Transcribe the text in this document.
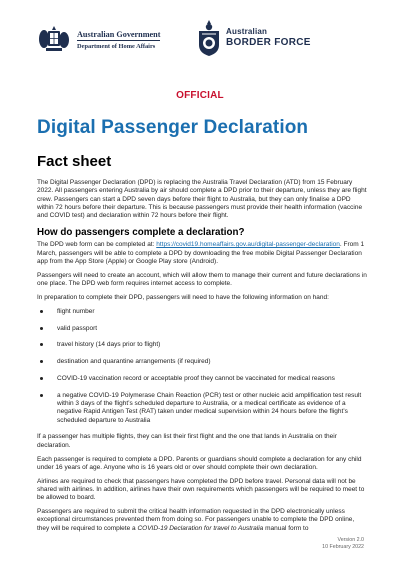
Australian Government
Department of Home Affairs
Australian
BORDER FORCE
OFFICIAL
Digital Passenger Declaration
Fact sheet

The Digital Passenger Declaration (DPD) is replacing the Australia Travel Declaration (ATD) from 15 February 2022. All passengers entering Australia by air should complete a DPD prior to their departure, unless they are flight crew. Passengers can start a DPD seven days before their flight to Australia, but they can only finalise a DPD within 72 hours before their departure. This is because passengers must provide their health information (vaccine and COVID test) and declaration within 72 hours before their flight.

How do passengers complete a declaration?

The DPD web form can be completed at: https://covid19.homeaffairs.gov.au/digital-passenger-declaration. From 1 March, passengers will be able to complete a DPD by downloading the free mobile Digital Passenger Declaration app from the App Store (Apple) or Google Play store (Android).

Passengers will need to create an account, which will allow them to manage their current and future declarations in one place. The DPD web form requires internet access to complete.

In preparation to complete their DPD, passengers will need to have the following information on hand:

flight number
valid passport
travel history (14 days prior to flight)
destination and quarantine arrangements (if required)
COVID-19 vaccination record or acceptable proof they cannot be vaccinated for medical reasons
a negative COVID-19 Polymerase Chain Reaction (PCR) test or other nucleic acid amplification test result within 3 days of the flight’s scheduled departure to Australia, or a medical certificate as evidence of a negative Rapid Antigen Test (RAT) taken under medical supervision within 24 hours before the flight’s scheduled departure to Australia

If a passenger has multiple flights, they can list their first flight and the one that lands in Australia on their declaration.

Each passenger is required to complete a DPD. Parents or guardians should complete a declaration for any child under 16 years of age. Anyone who is 16 years old or over should complete their own declaration.

Airlines are required to check that passengers have completed the DPD before travel. Personal data will not be shared with airlines. In addition, airlines have their own requirements which passengers will be required to meet to be allowed to board.

Passengers are required to submit the critical health information requested in the DPD electronically unless exceptional circumstances prevented them from doing so. For passengers unable to complete the DPD online, they will be required to complete a COVID-19 Declaration for travel to Australia manual form to

Version 2.0
10 February 2022
